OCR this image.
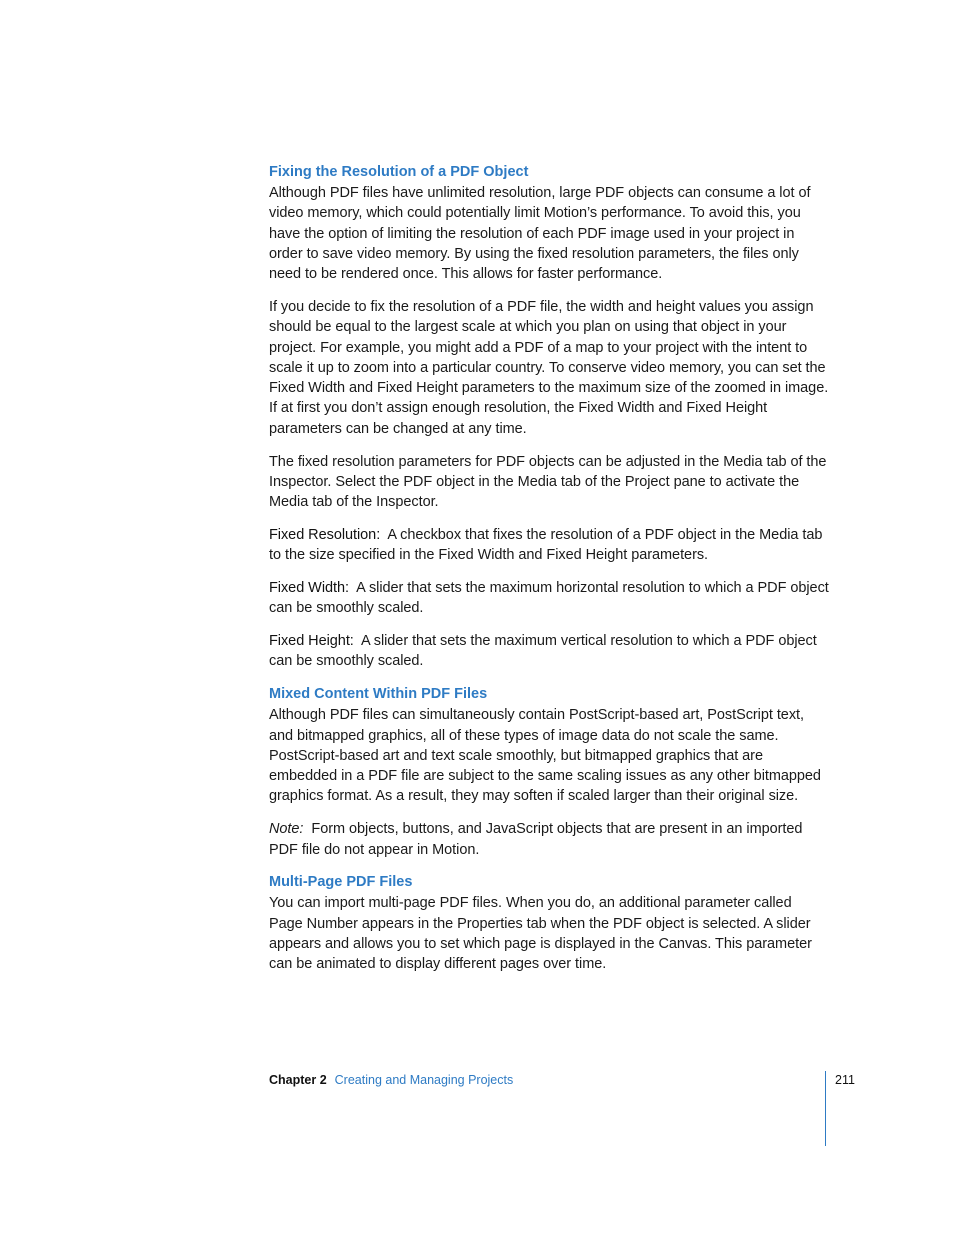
Fixing the Resolution of a PDF Object

Although PDF files have unlimited resolution, large PDF objects can consume a lot of video memory, which could potentially limit Motion’s performance. To avoid this, you have the option of limiting the resolution of each PDF image used in your project in order to save video memory. By using the fixed resolution parameters, the files only need to be rendered once. This allows for faster performance.

If you decide to fix the resolution of a PDF file, the width and height values you assign should be equal to the largest scale at which you plan on using that object in your project. For example, you might add a PDF of a map to your project with the intent to scale it up to zoom into a particular country. To conserve video memory, you can set the Fixed Width and Fixed Height parameters to the maximum size of the zoomed in image. If at first you don’t assign enough resolution, the Fixed Width and Fixed Height parameters can be changed at any time.

The fixed resolution parameters for PDF objects can be adjusted in the Media tab of the Inspector. Select the PDF object in the Media tab of the Project pane to activate the Media tab of the Inspector.

Fixed Resolution: A checkbox that fixes the resolution of a PDF object in the Media tab to the size specified in the Fixed Width and Fixed Height parameters.

Fixed Width: A slider that sets the maximum horizontal resolution to which a PDF object can be smoothly scaled.

Fixed Height: A slider that sets the maximum vertical resolution to which a PDF object can be smoothly scaled.

Mixed Content Within PDF Files

Although PDF files can simultaneously contain PostScript-based art, PostScript text, and bitmapped graphics, all of these types of image data do not scale the same. PostScript-based art and text scale smoothly, but bitmapped graphics that are embedded in a PDF file are subject to the same scaling issues as any other bitmapped graphics format. As a result, they may soften if scaled larger than their original size.

Note: Form objects, buttons, and JavaScript objects that are present in an imported PDF file do not appear in Motion.

Multi-Page PDF Files

You can import multi-page PDF files. When you do, an additional parameter called Page Number appears in the Properties tab when the PDF object is selected. A slider appears and allows you to set which page is displayed in the Canvas. This parameter can be animated to display different pages over time.

Chapter 2 Creating and Managing Projects	211
